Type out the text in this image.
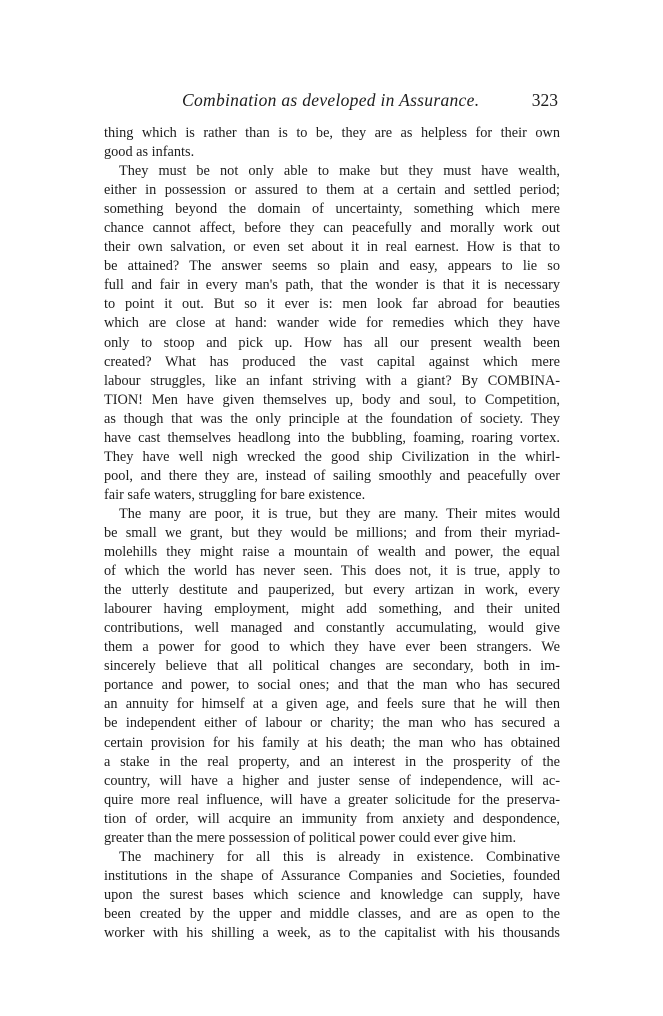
Combination as developed in Assurance.	323
thing which is rather than is to be, they are as helpless for their own
good as infants.
They must be not only able to make but they must have wealth,
either in possession or assured to them at a certain and settled period;
something beyond the domain of uncertainty, something which mere
chance cannot affect, before they can peacefully and morally work out
their own salvation, or even set about it in real earnest. How is that to
be attained? The answer seems so plain and easy, appears to lie so
full and fair in every man's path, that the wonder is that it is necessary
to point it out. But so it ever is: men look far abroad for beauties
which are close at hand: wander wide for remedies which they have
only to stoop and pick up. How has all our present wealth been
created? What has produced the vast capital against which mere
labour struggles, like an infant striving with a giant? By COMBINA-
TION! Men have given themselves up, body and soul, to Competition,
as though that was the only principle at the foundation of society. They
have cast themselves headlong into the bubbling, foaming, roaring vortex.
They have well nigh wrecked the good ship Civilization in the whirl-
pool, and there they are, instead of sailing smoothly and peacefully over
fair safe waters, struggling for bare existence.
The many are poor, it is true, but they are many. Their mites would
be small we grant, but they would be millions; and from their myriad-
molehills they might raise a mountain of wealth and power, the equal
of which the world has never seen. This does not, it is true, apply to
the utterly destitute and pauperized, but every artizan in work, every
labourer having employment, might add something, and their united
contributions, well managed and constantly accumulating, would give
them a power for good to which they have ever been strangers. We
sincerely believe that all political changes are secondary, both in im-
portance and power, to social ones; and that the man who has secured
an annuity for himself at a given age, and feels sure that he will then
be independent either of labour or charity; the man who has secured a
certain provision for his family at his death; the man who has obtained
a stake in the real property, and an interest in the prosperity of the
country, will have a higher and juster sense of independence, will ac-
quire more real influence, will have a greater solicitude for the preserva-
tion of order, will acquire an immunity from anxiety and despondence,
greater than the mere possession of political power could ever give him.
The machinery for all this is already in existence. Combinative
institutions in the shape of Assurance Companies and Societies, founded
upon the surest bases which science and knowledge can supply, have
been created by the upper and middle classes, and are as open to the
worker with his shilling a week, as to the capitalist with his thousands
